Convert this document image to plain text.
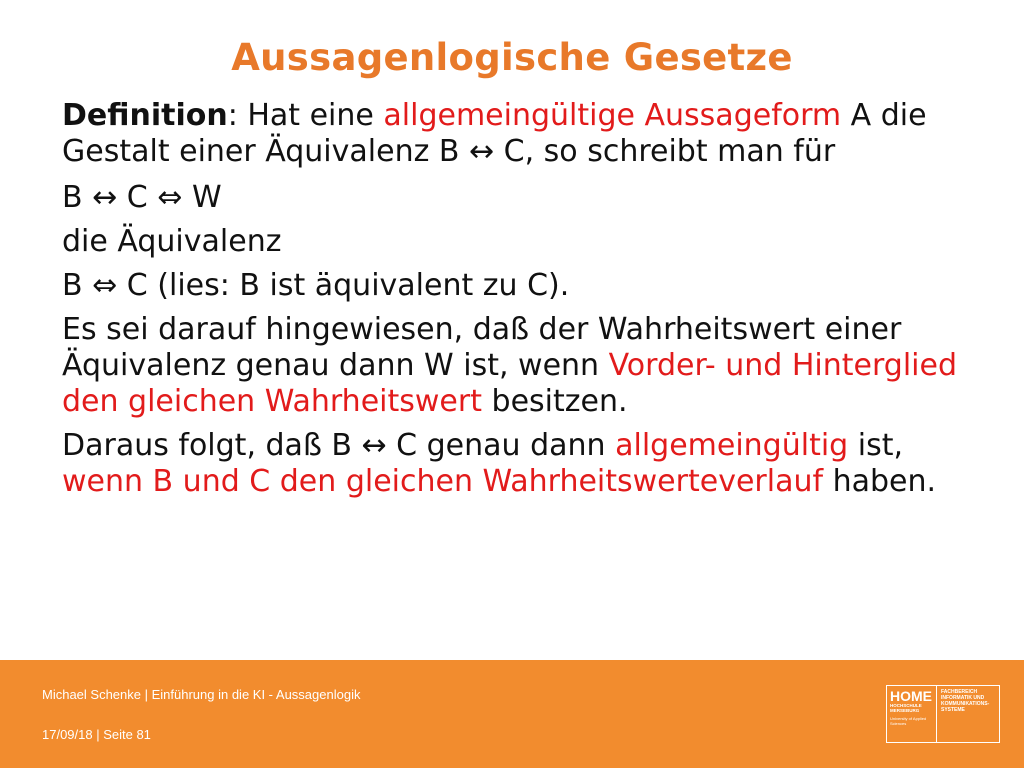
Aussagenlogische Gesetze

Definition: Hat eine allgemeingültige Aussageform A die Gestalt einer Äquivalenz B ↔ C, so schreibt man für

B ↔ C ⇔ W

die Äquivalenz

B ⇔ C (lies: B ist äquivalent zu C).

Es sei darauf hingewiesen, daß der Wahrheitswert einer Äquivalenz genau dann W ist, wenn Vorder- und Hinterglied den gleichen Wahrheitswert besitzen.

Daraus folgt, daß B ↔ C genau dann allgemeingültig ist, wenn B und C den gleichen Wahrheitswerteverlauf haben.

Michael Schenke | Einführung in die KI - Aussagenlogik
17/09/18 | Seite 81
HOME
HOCHSCHULE MERSEBURG
University of Applied Sciences
FACHBEREICH INFORMATIK UND KOMMUNIKATIONS-SYSTEME
